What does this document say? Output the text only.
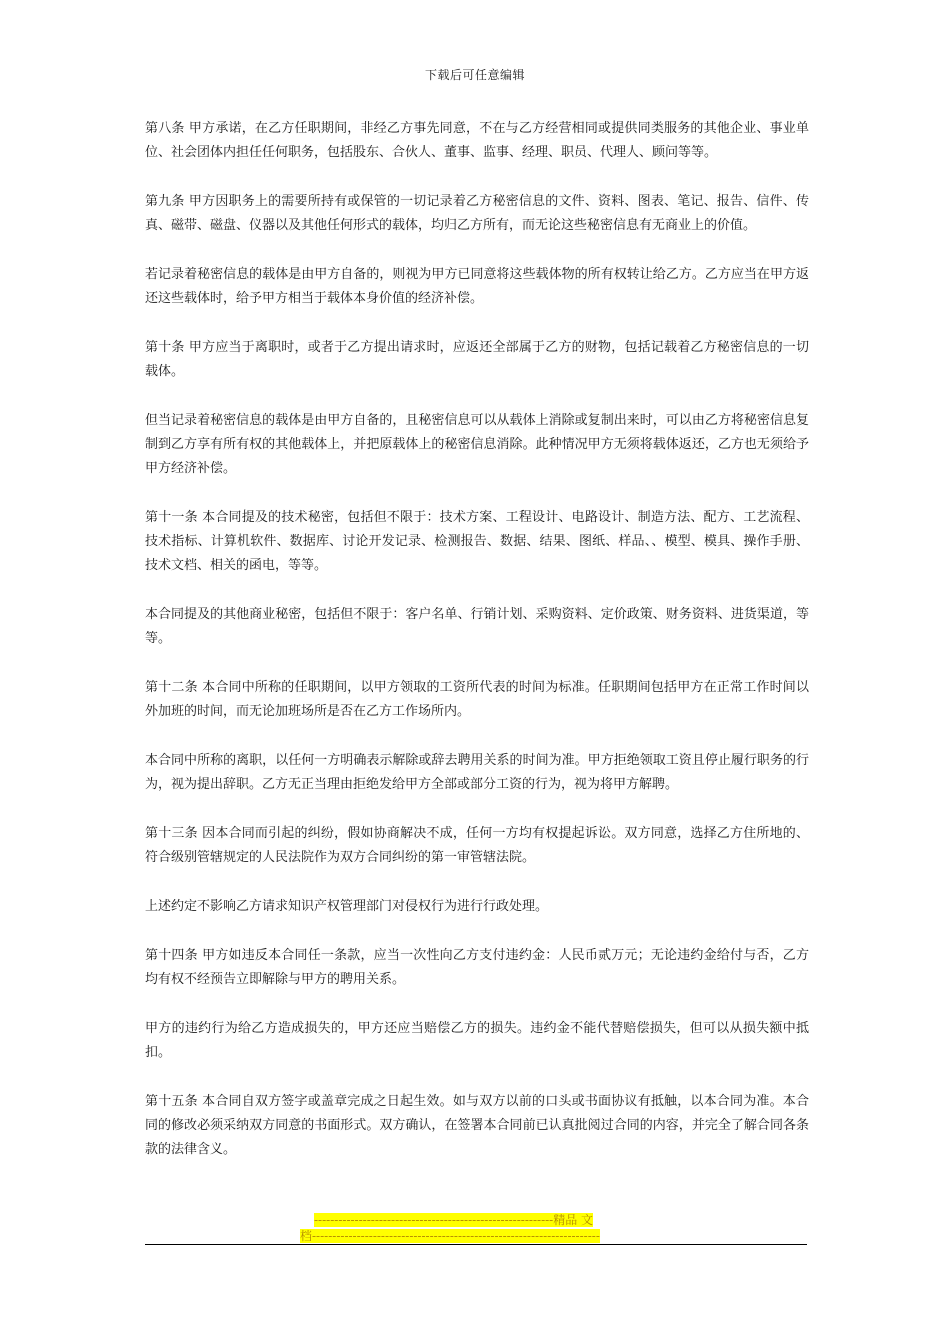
下载后可任意编辑

第八条 甲方承诺，在乙方任职期间，非经乙方事先同意，不在与乙方经营相同或提供同类服务的其他企业、事业单位、社会团体内担任任何职务，包括股东、合伙人、董事、监事、经理、职员、代理人、顾问等等。

第九条 甲方因职务上的需要所持有或保管的一切记录着乙方秘密信息的文件、资料、图表、笔记、报告、信件、传真、磁带、磁盘、仪器以及其他任何形式的载体，均归乙方所有，而无论这些秘密信息有无商业上的价值。

若记录着秘密信息的载体是由甲方自备的，则视为甲方已同意将这些载体物的所有权转让给乙方。乙方应当在甲方返还这些载体时，给予甲方相当于载体本身价值的经济补偿。

第十条 甲方应当于离职时，或者于乙方提出请求时，应返还全部属于乙方的财物，包括记载着乙方秘密信息的一切载体。

但当记录着秘密信息的载体是由甲方自备的，且秘密信息可以从载体上消除或复制出来时，可以由乙方将秘密信息复制到乙方享有所有权的其他载体上，并把原载体上的秘密信息消除。此种情况甲方无须将载体返还，乙方也无须给予甲方经济补偿。

第十一条 本合同提及的技术秘密，包括但不限于：技术方案、工程设计、电路设计、制造方法、配方、工艺流程、技术指标、计算机软件、数据库、讨论开发记录、检测报告、数据、结果、图纸、样品、、模型、模具、操作手册、技术文档、相关的函电，等等。

本合同提及的其他商业秘密，包括但不限于：客户名单、行销计划、采购资料、定价政策、财务资料、进货渠道，等等。

第十二条 本合同中所称的任职期间，以甲方领取的工资所代表的时间为标准。任职期间包括甲方在正常工作时间以外加班的时间，而无论加班场所是否在乙方工作场所内。

本合同中所称的离职，以任何一方明确表示解除或辞去聘用关系的时间为准。甲方拒绝领取工资且停止履行职务的行为，视为提出辞职。乙方无正当理由拒绝发给甲方全部或部分工资的行为，视为将甲方解聘。

第十三条 因本合同而引起的纠纷，假如协商解决不成，任何一方均有权提起诉讼。双方同意，选择乙方住所地的、符合级别管辖规定的人民法院作为双方合同纠纷的第一审管辖法院。

上述约定不影响乙方请求知识产权管理部门对侵权行为进行行政处理。

第十四条 甲方如违反本合同任一条款，应当一次性向乙方支付违约金：人民币贰万元；无论违约金给付与否，乙方均有权不经预告立即解除与甲方的聘用关系。

甲方的违约行为给乙方造成损失的，甲方还应当赔偿乙方的损失。违约金不能代替赔偿损失，但可以从损失额中抵扣。

第十五条 本合同自双方签字或盖章完成之日起生效。如与双方以前的口头或书面协议有抵触，以本合同为准。本合同的修改必须采纳双方同意的书面形式。双方确认，在签署本合同前已认真批阅过合同的内容，并完全了解合同各条款的法律含义。

-----------------------------------------------------------精品 文
档-----------------------------------------------------------------------
